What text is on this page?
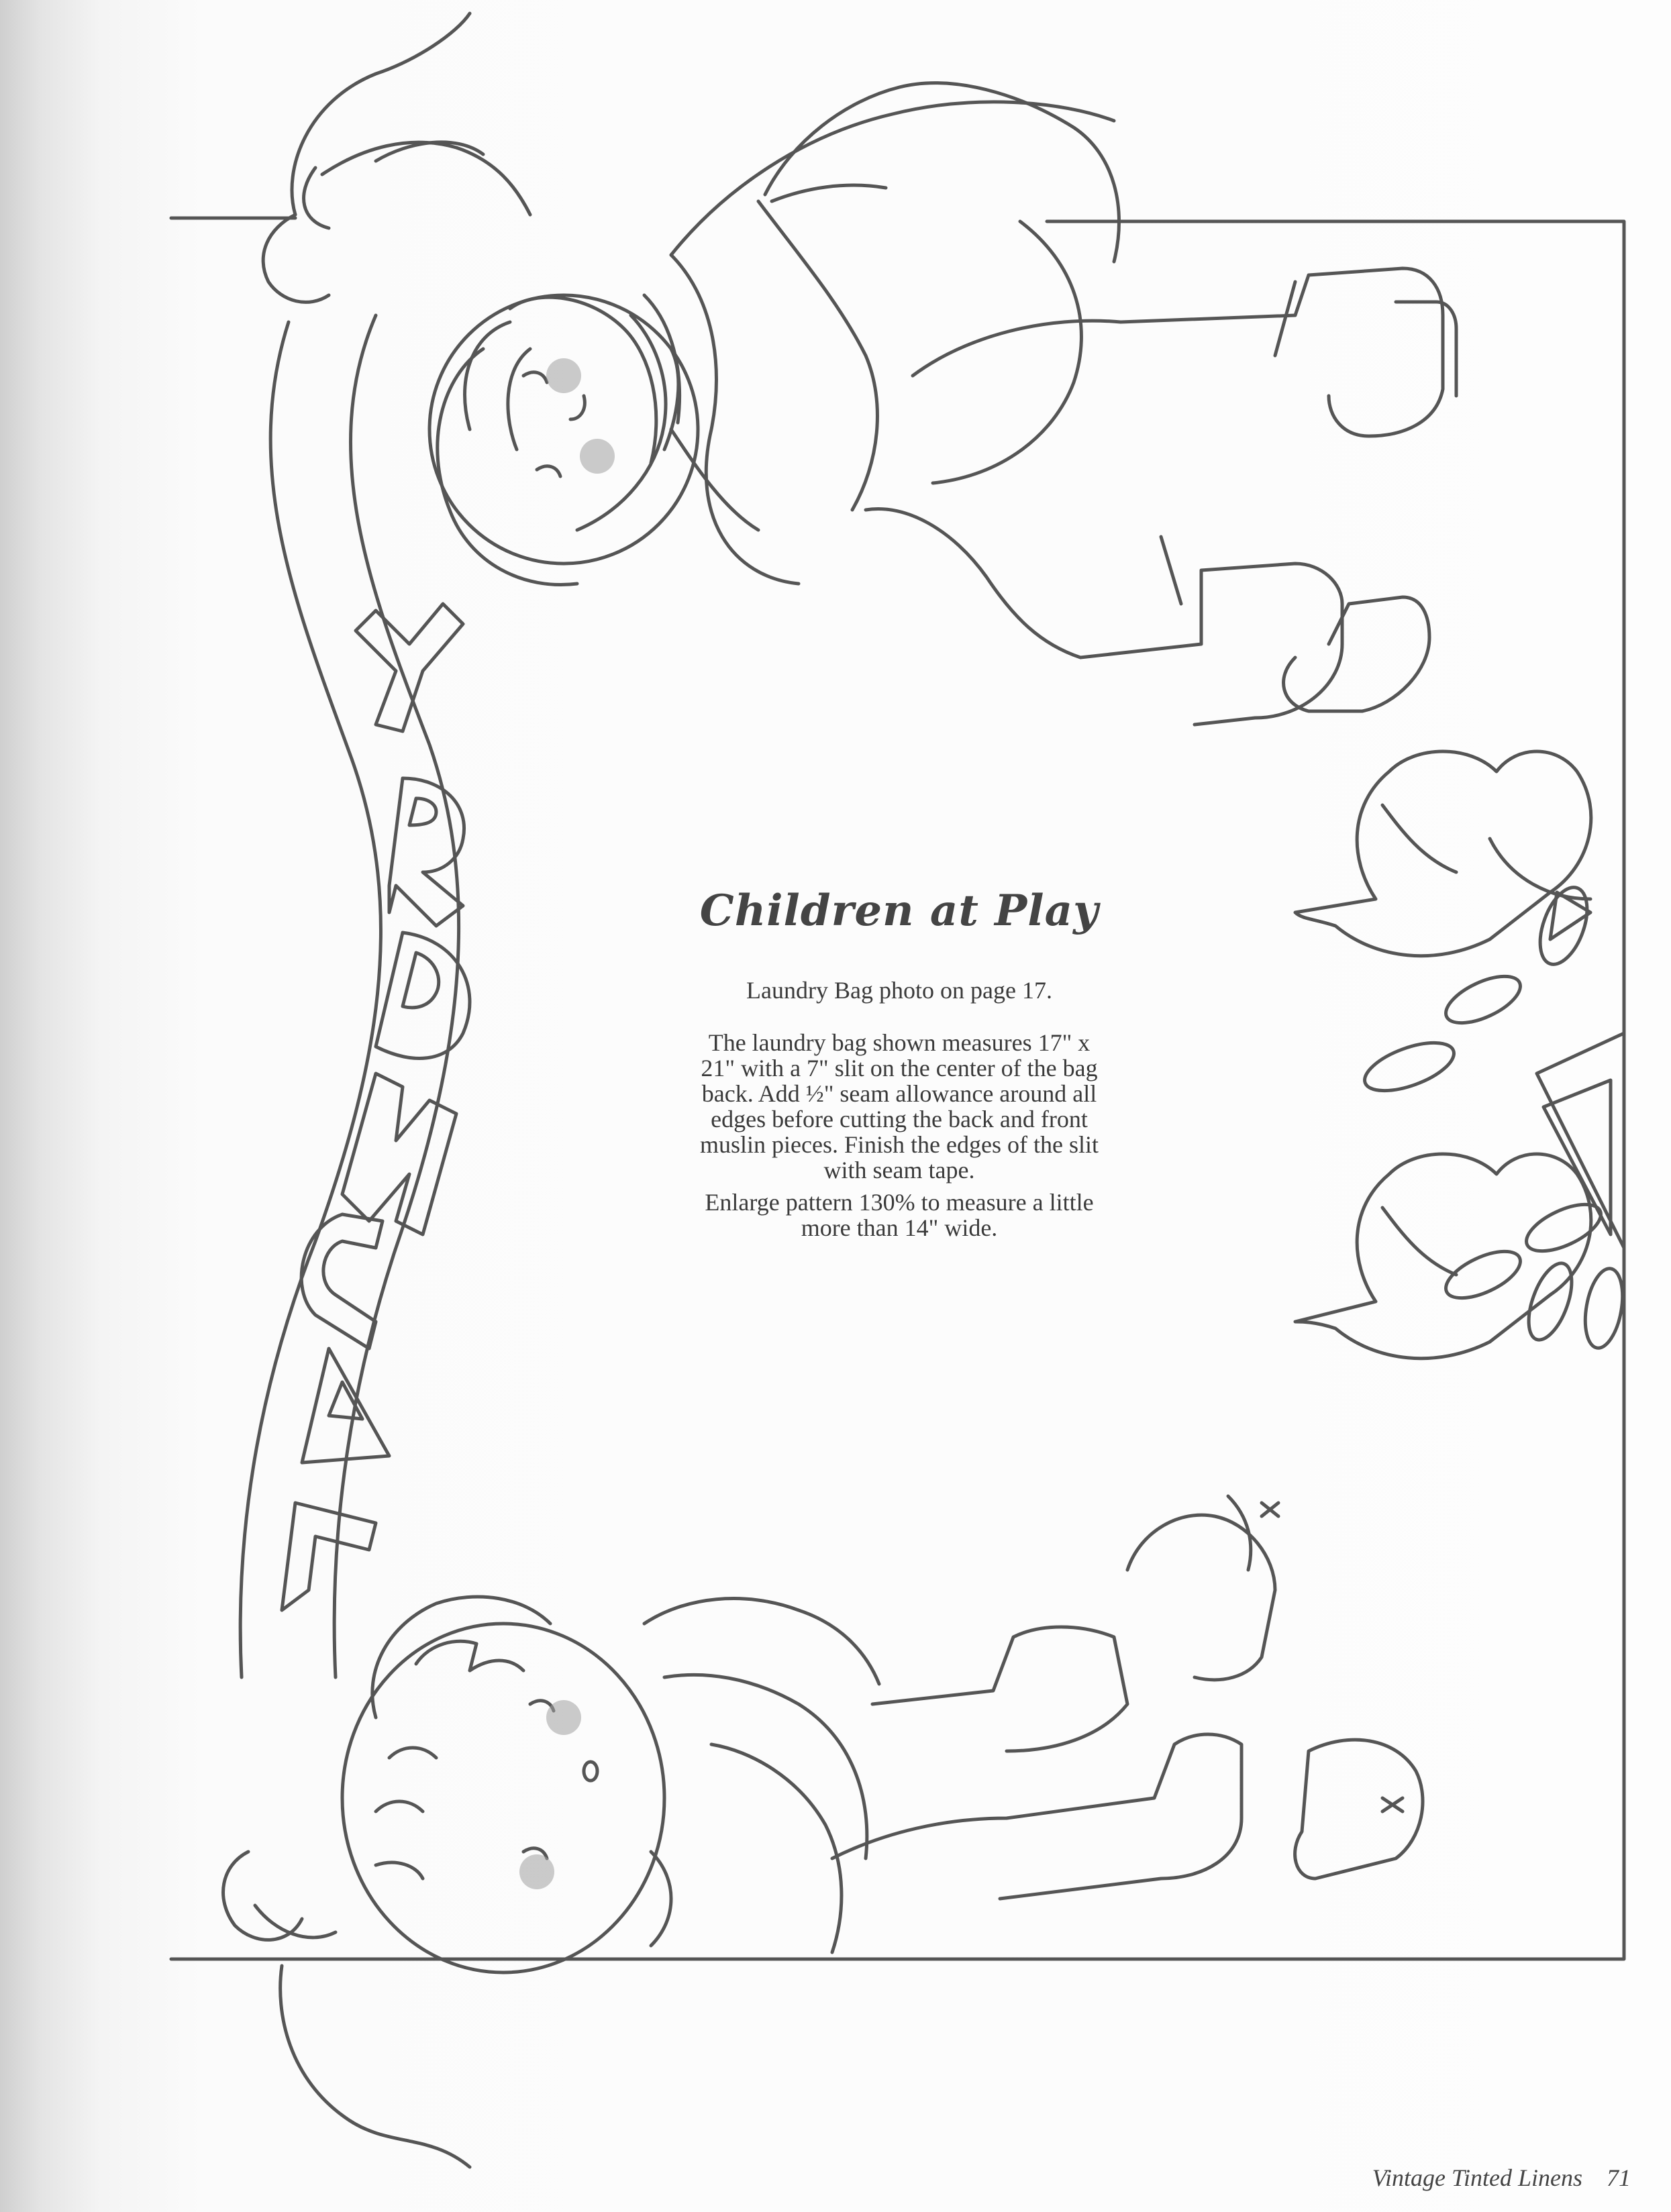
Children at Play
Laundry Bag photo on page 17.
The laundry bag shown measures 17" x
21" with a 7" slit on the center of the bag
back. Add ½" seam allowance around all
edges before cutting the back and front
muslin pieces. Finish the edges of the slit
with seam tape.
Enlarge pattern 130% to measure a little
more than 14" wide.
Vintage Tinted Linens 71
